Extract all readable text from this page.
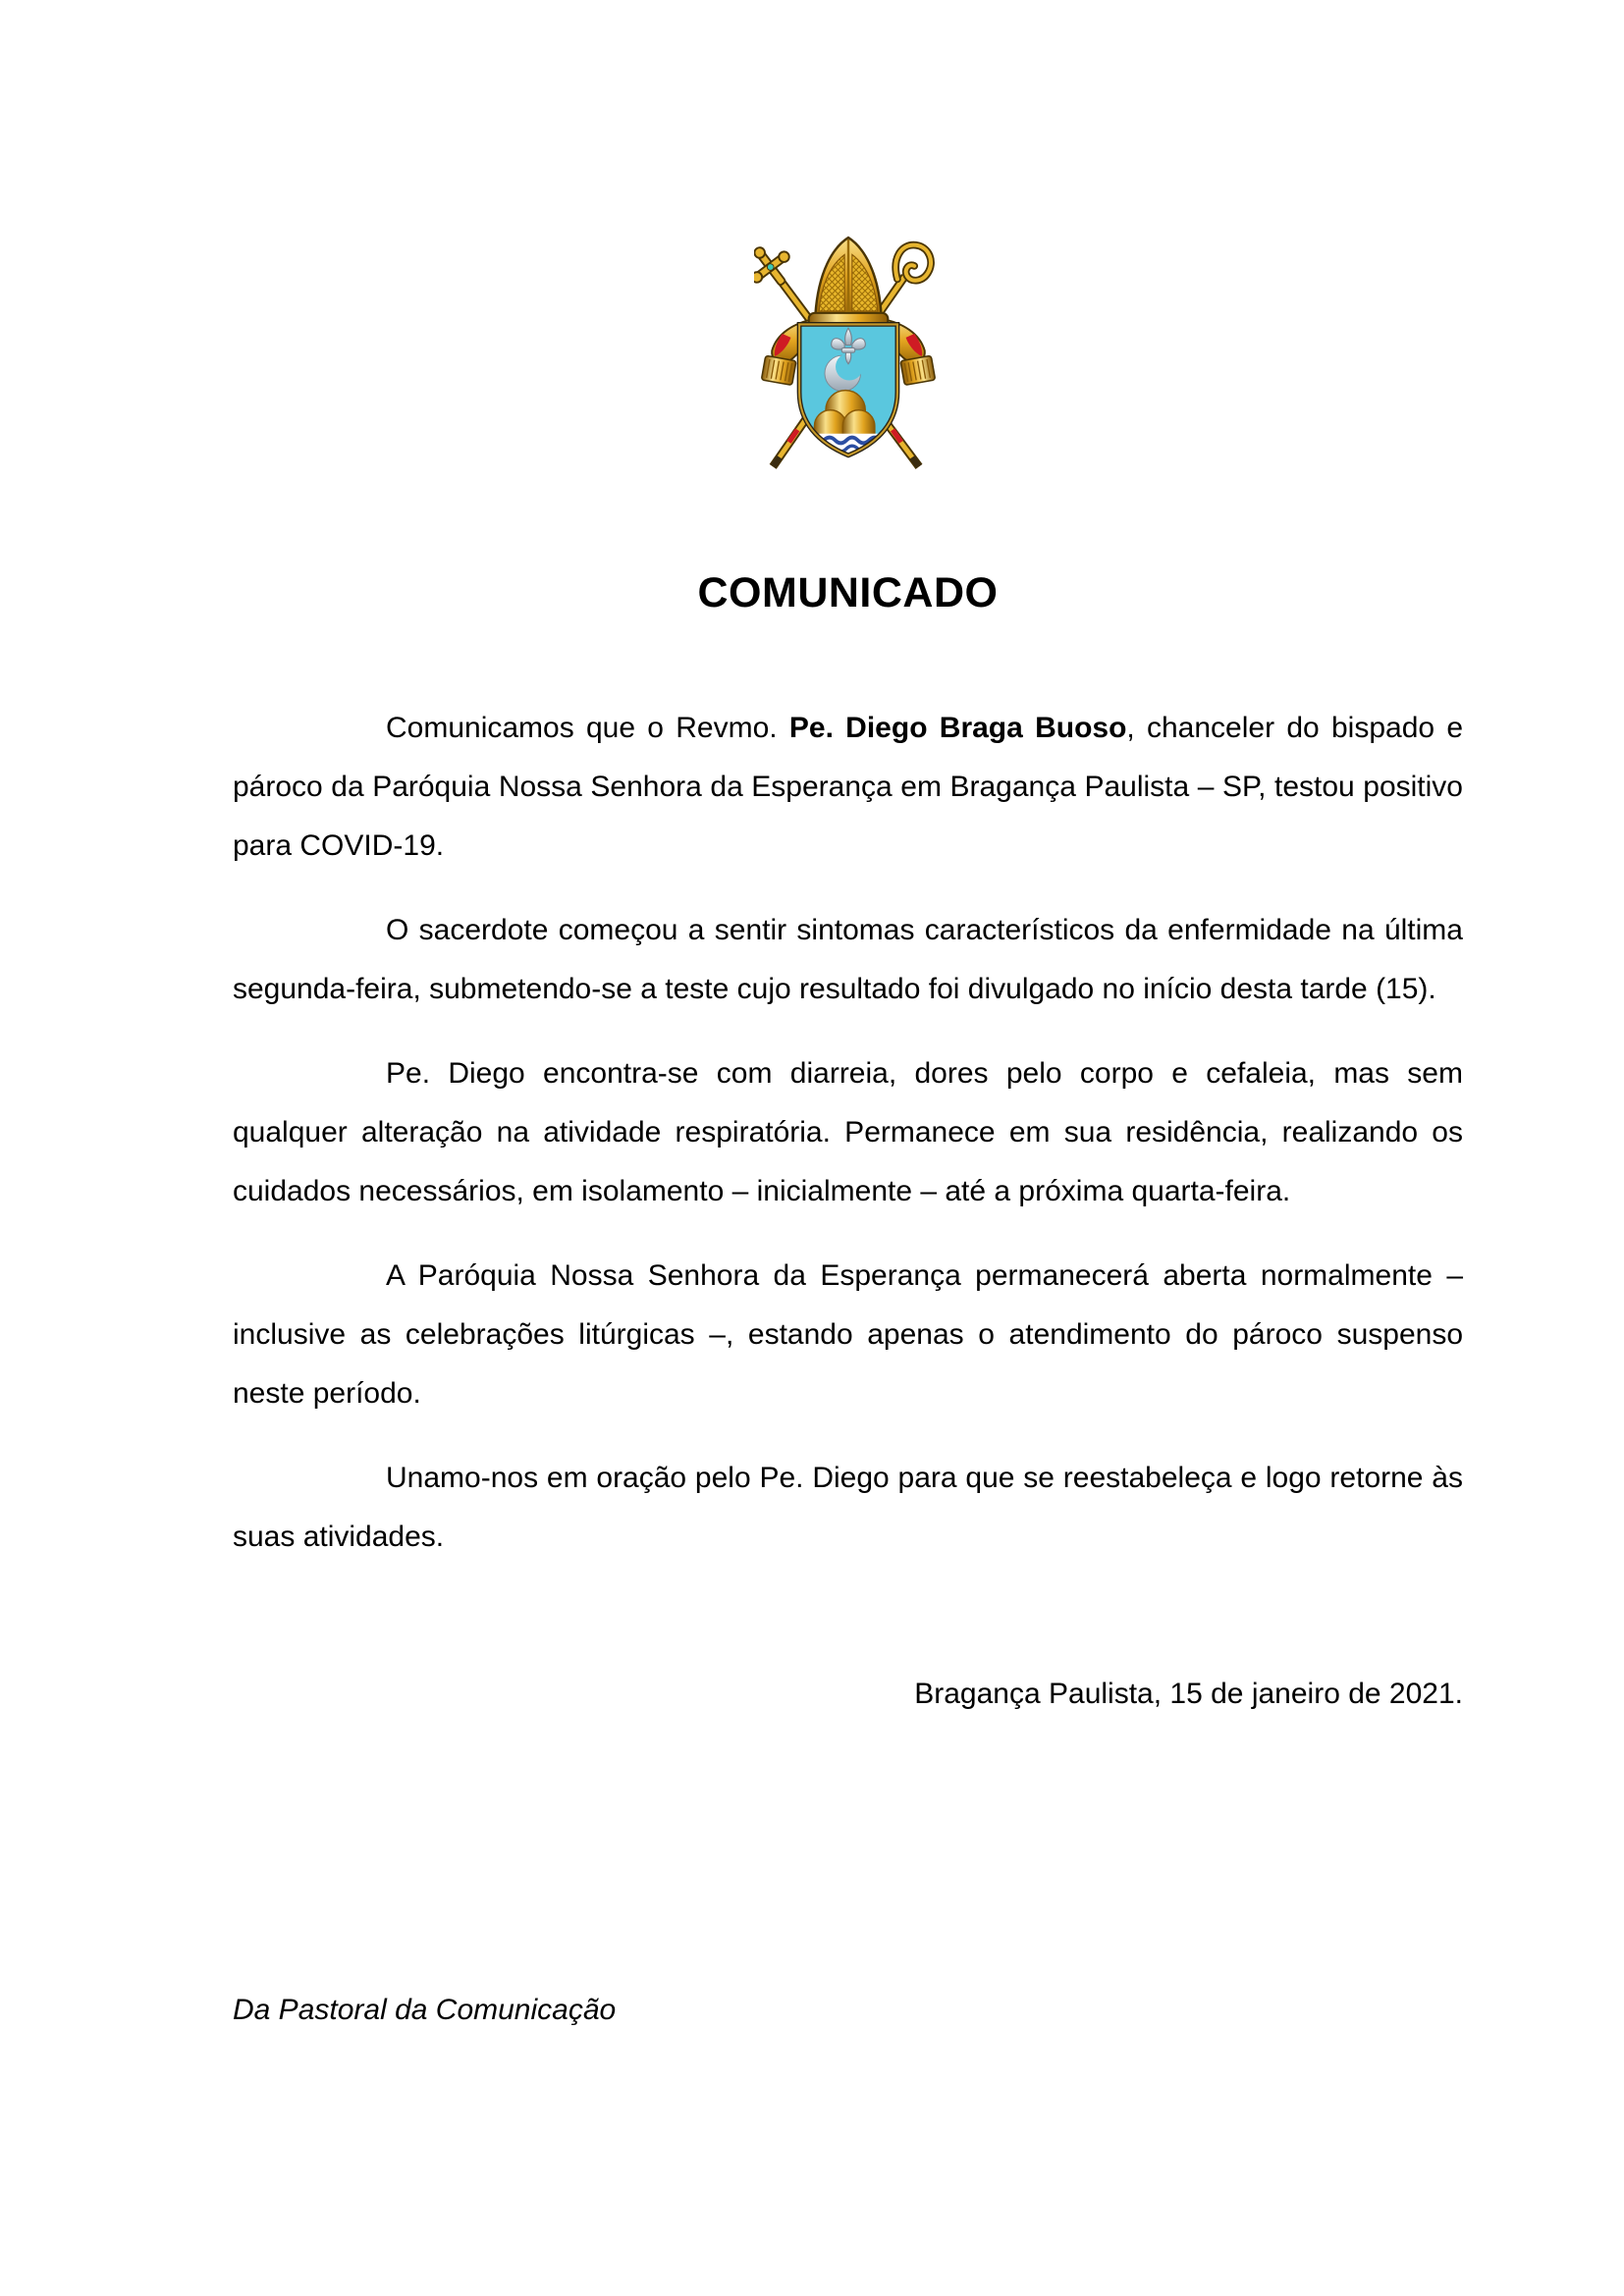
COMUNICADO

Comunicamos que o Revmo. Pe. Diego Braga Buoso, chanceler do bispado e pároco da Paróquia Nossa Senhora da Esperança em Bragança Paulista – SP, testou positivo para COVID-19.

O sacerdote começou a sentir sintomas característicos da enfermidade na última segunda-feira, submetendo-se a teste cujo resultado foi divulgado no início desta tarde (15).

Pe. Diego encontra-se com diarreia, dores pelo corpo e cefaleia, mas sem qualquer alteração na atividade respiratória. Permanece em sua residência, realizando os cuidados necessários, em isolamento – inicialmente – até a próxima quarta-feira.

A Paróquia Nossa Senhora da Esperança permanecerá aberta normalmente – inclusive as celebrações litúrgicas –, estando apenas o atendimento do pároco suspenso neste período.

Unamo-nos em oração pelo Pe. Diego para que se reestabeleça e logo retorne às suas atividades.

Bragança Paulista, 15 de janeiro de 2021.

Da Pastoral da Comunicação
